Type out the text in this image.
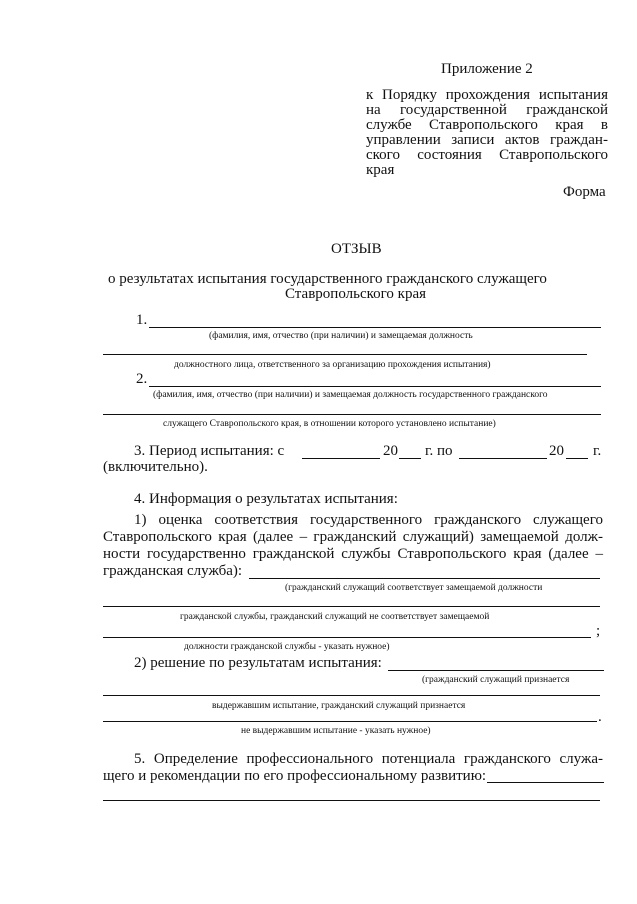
Приложение 2
к Порядку прохождения испытания
на государственной гражданской
службе Ставропольского края в
управлении записи актов граждан-
ского состояния Ставропольского
края
Форма
ОТЗЫВ
о результатах испытания государственного гражданского служащего
Ставропольского края
1.
(фамилия, имя, отчество (при наличии) и замещаемая должность
должностного лица, ответственного за организацию прохождения испытания)
2.
(фамилия, имя, отчество (при наличии) и замещаемая должность государственного гражданского
служащего Ставропольского края, в отношении которого установлено испытание)
3. Период испытания: с	20 г. по	20 г.
(включительно).
4. Информация о результатах испытания:
1) оценка соответствия государственного гражданского служащего
Ставропольского края (далее – гражданский служащий) замещаемой долж-
ности государственно гражданской службы Ставропольского края (далее –
гражданская служба):
(гражданский служащий соответствует замещаемой должности
гражданской службы, гражданский служащий не соответствует замещаемой
;
должности гражданской службы - указать нужное)
2) решение по результатам испытания:
(гражданский служащий признается
выдержавшим испытание, гражданский служащий признается
.
не выдержавшим испытание - указать нужное)
5. Определение профессионального потенциала гражданского служа-
щего и рекомендации по его профессиональному развитию:
